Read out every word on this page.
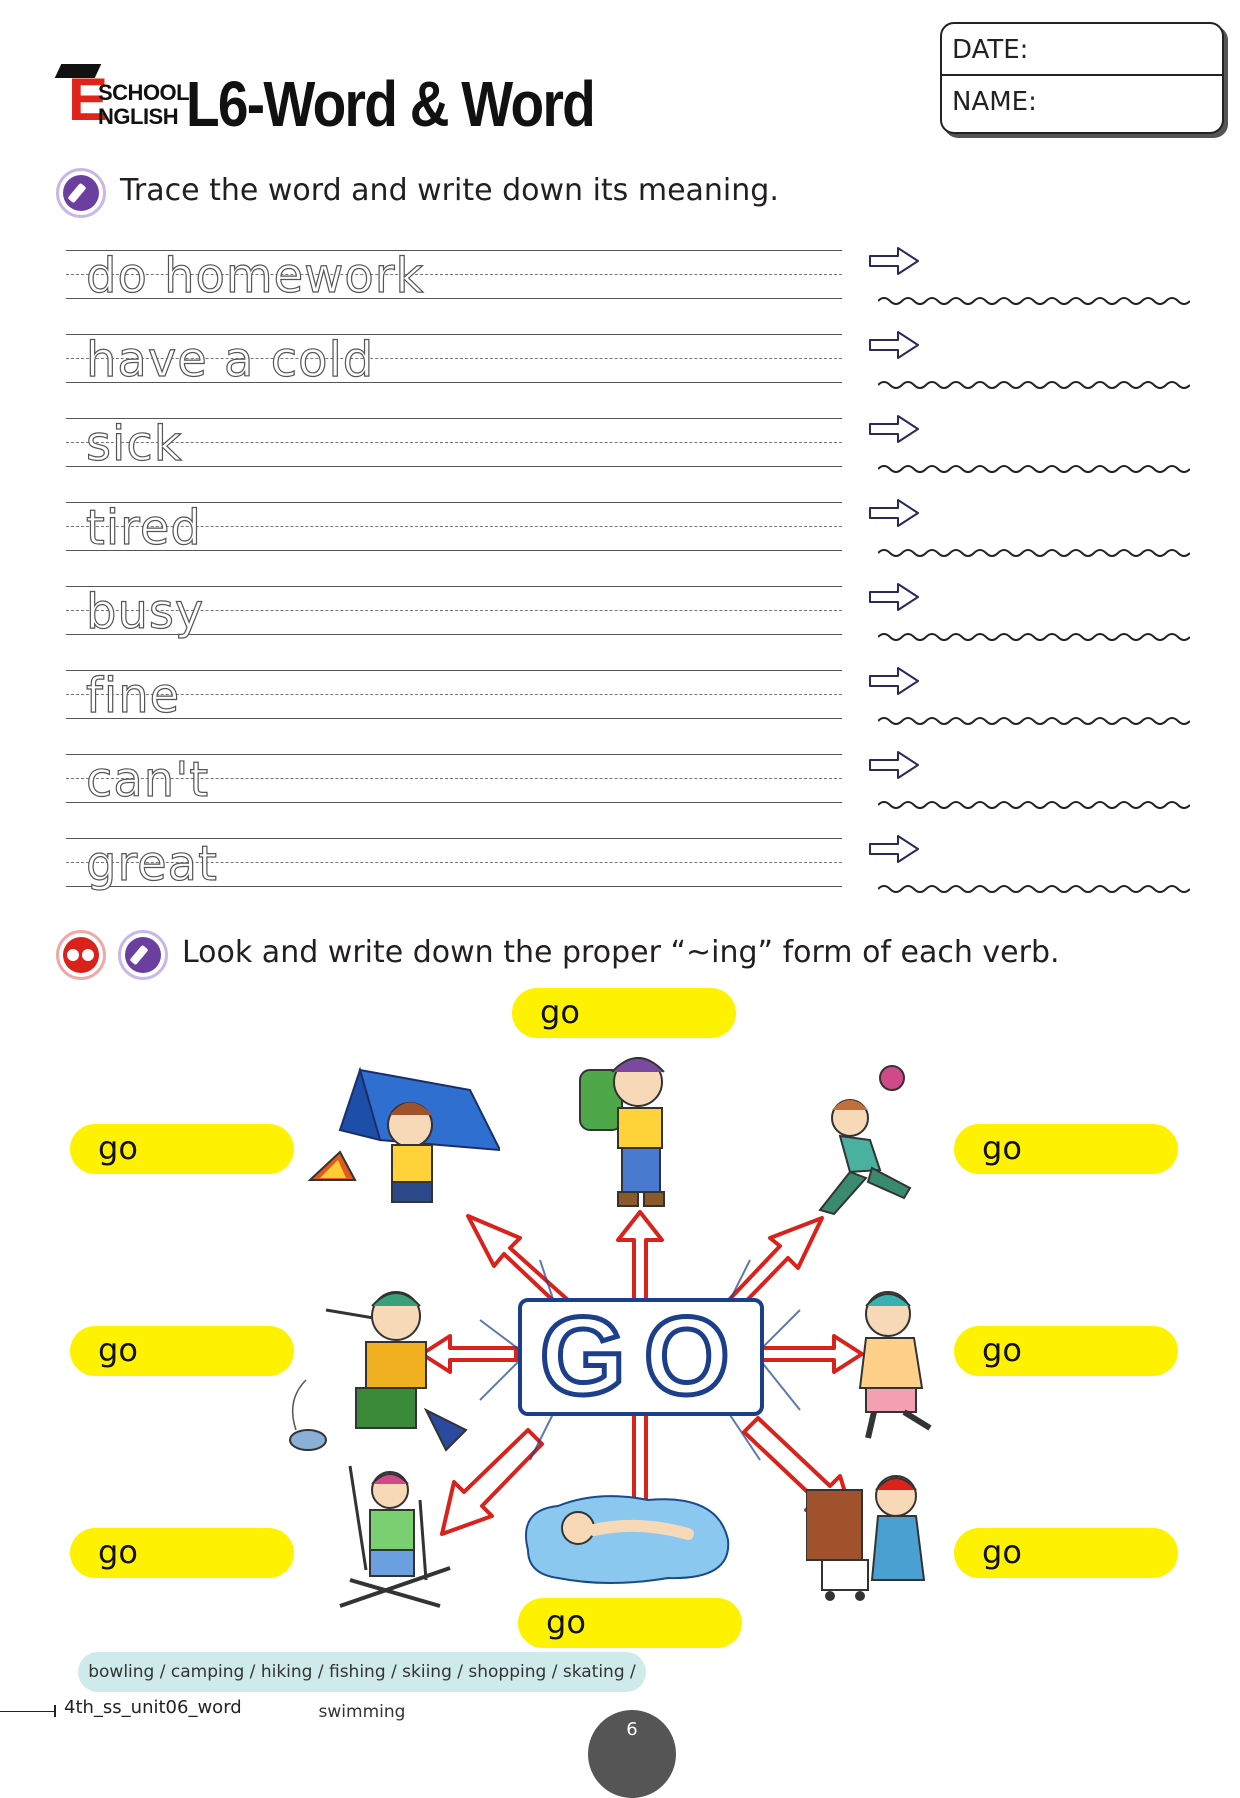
E
SCHOOL
NGLISH L6-Word & Word
DATE:
NAME:
Trace the word and write down its meaning.
do homework
have a cold
sick
tired
busy
fine
can't
great
Look and write down the proper “~ing” form of each verb.
G O
go
go	go
go	go
go	go
go
bowling / camping / hiking / fishing / skiing / shopping / skating / swimming
4th_ss_unit06_word
6
